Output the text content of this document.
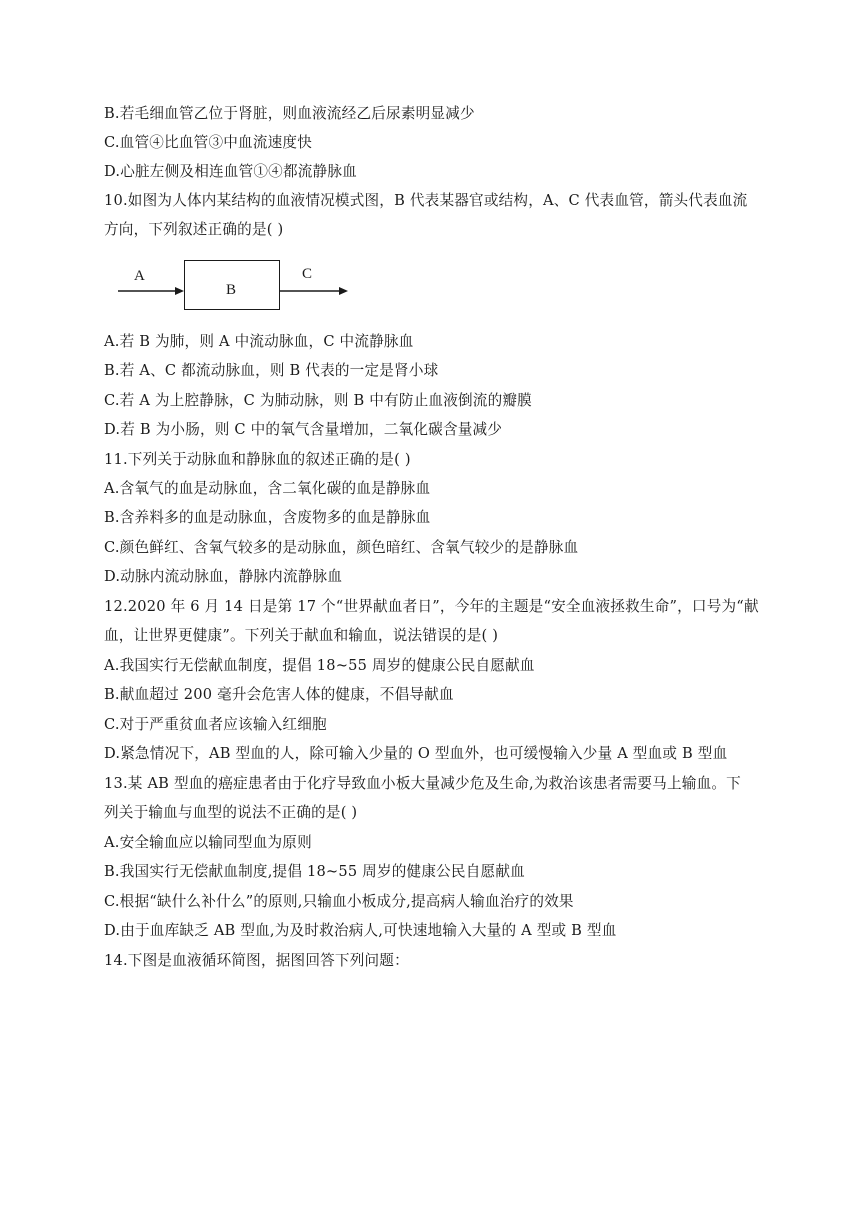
B.若毛细血管乙位于肾脏，则血液流经乙后尿素明显减少
C.血管④比血管③中血流速度快
D.心脏左侧及相连血管①④都流静脉血
10.如图为人体内某结构的血液情况模式图，B 代表某器官或结构，A、C 代表血管，箭头代表血流
方向，下列叙述正确的是( )
A
B
C
A.若 B 为肺，则 A 中流动脉血，C 中流静脉血
B.若 A、C 都流动脉血，则 B 代表的一定是肾小球
C.若 A 为上腔静脉，C 为肺动脉，则 B 中有防止血液倒流的瓣膜
D.若 B 为小肠，则 C 中的氧气含量增加，二氧化碳含量减少
11.下列关于动脉血和静脉血的叙述正确的是( )
A.含氧气的血是动脉血，含二氧化碳的血是静脉血
B.含养料多的血是动脉血，含废物多的血是静脉血
C.颜色鲜红、含氧气较多的是动脉血，颜色暗红、含氧气较少的是静脉血
D.动脉内流动脉血，静脉内流静脉血
12.2020 年 6 月 14 日是第 17 个“世界献血者日”，今年的主题是“安全血液拯救生命”，口号为“献
血，让世界更健康”。下列关于献血和输血，说法错误的是( )
A.我国实行无偿献血制度，提倡 18~55 周岁的健康公民自愿献血
B.献血超过 200 毫升会危害人体的健康，不倡导献血
C.对于严重贫血者应该输入红细胞
D.紧急情况下，AB 型血的人，除可输入少量的 O 型血外，也可缓慢输入少量 A 型血或 B 型血
13.某 AB 型血的癌症患者由于化疗导致血小板大量减少危及生命,为救治该患者需要马上输血。下
列关于输血与血型的说法不正确的是( )
A.安全输血应以输同型血为原则
B.我国实行无偿献血制度,提倡 18~55 周岁的健康公民自愿献血
C.根据“缺什么补什么”的原则,只输血小板成分,提高病人输血治疗的效果
D.由于血库缺乏 AB 型血,为及时救治病人,可快速地输入大量的 A 型或 B 型血
14.下图是血液循环简图，据图回答下列问题：
